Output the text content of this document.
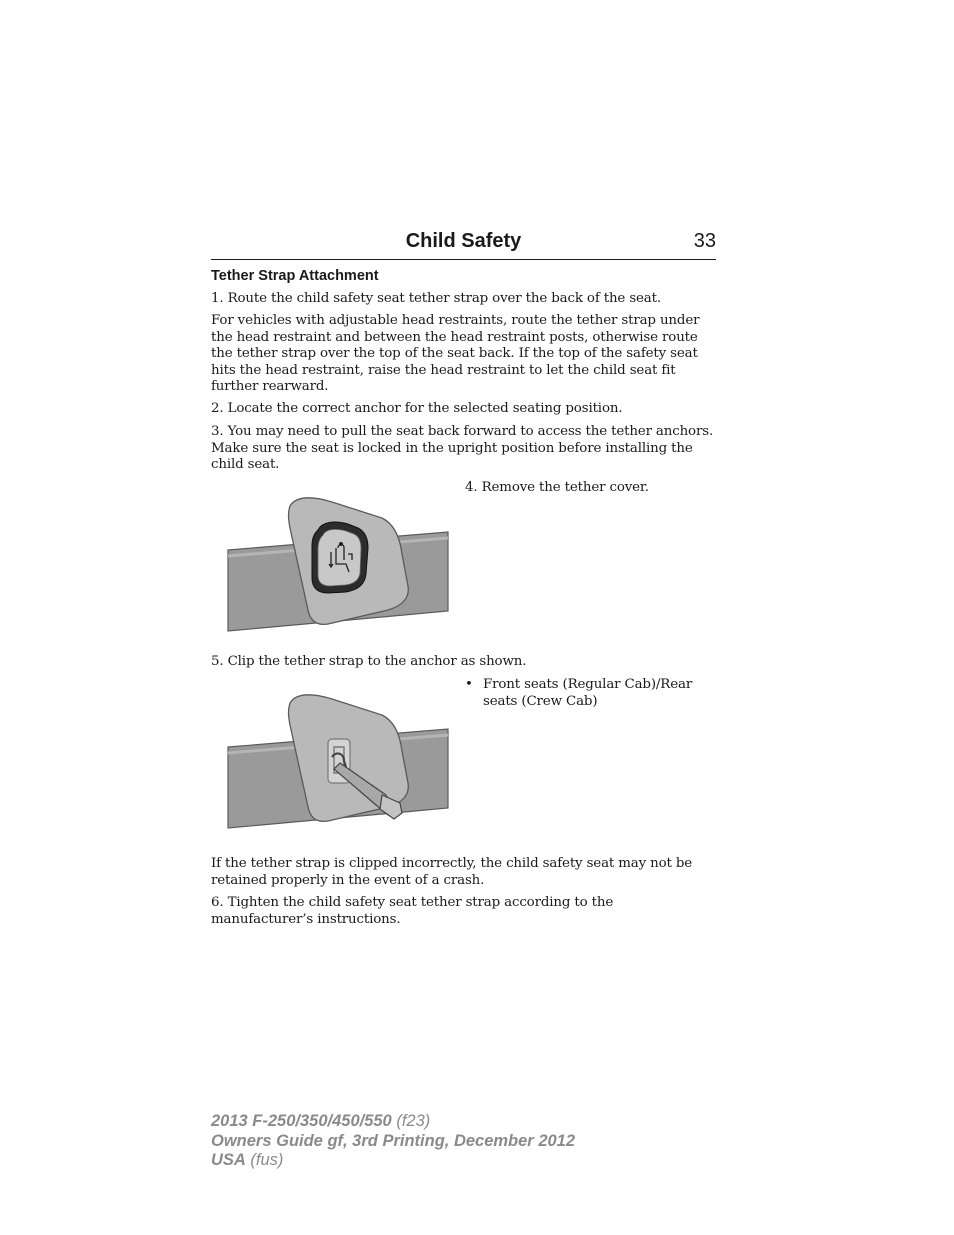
Child Safety	33
Tether Strap Attachment

1. Route the child safety seat tether strap over the back of the seat.

For vehicles with adjustable head restraints, route the tether strap under the head restraint and between the head restraint posts, otherwise route the tether strap over the top of the seat back. If the top of the safety seat hits the head restraint, raise the head restraint to let the child seat fit further rearward.

2. Locate the correct anchor for the selected seating position.

3. You may need to pull the seat back forward to access the tether anchors. Make sure the seat is locked in the upright position before installing the child seat.

4. Remove the tether cover.
5. Clip the tether strap to the anchor as shown.
• Front seats (Regular Cab)/Rear seats (Crew Cab)

If the tether strap is clipped incorrectly, the child safety seat may not be retained properly in the event of a crash.

6. Tighten the child safety seat tether strap according to the manufacturer’s instructions.

2013 F-250/350/450/550 (f23)
Owners Guide gf, 3rd Printing, December 2012
USA (fus)
